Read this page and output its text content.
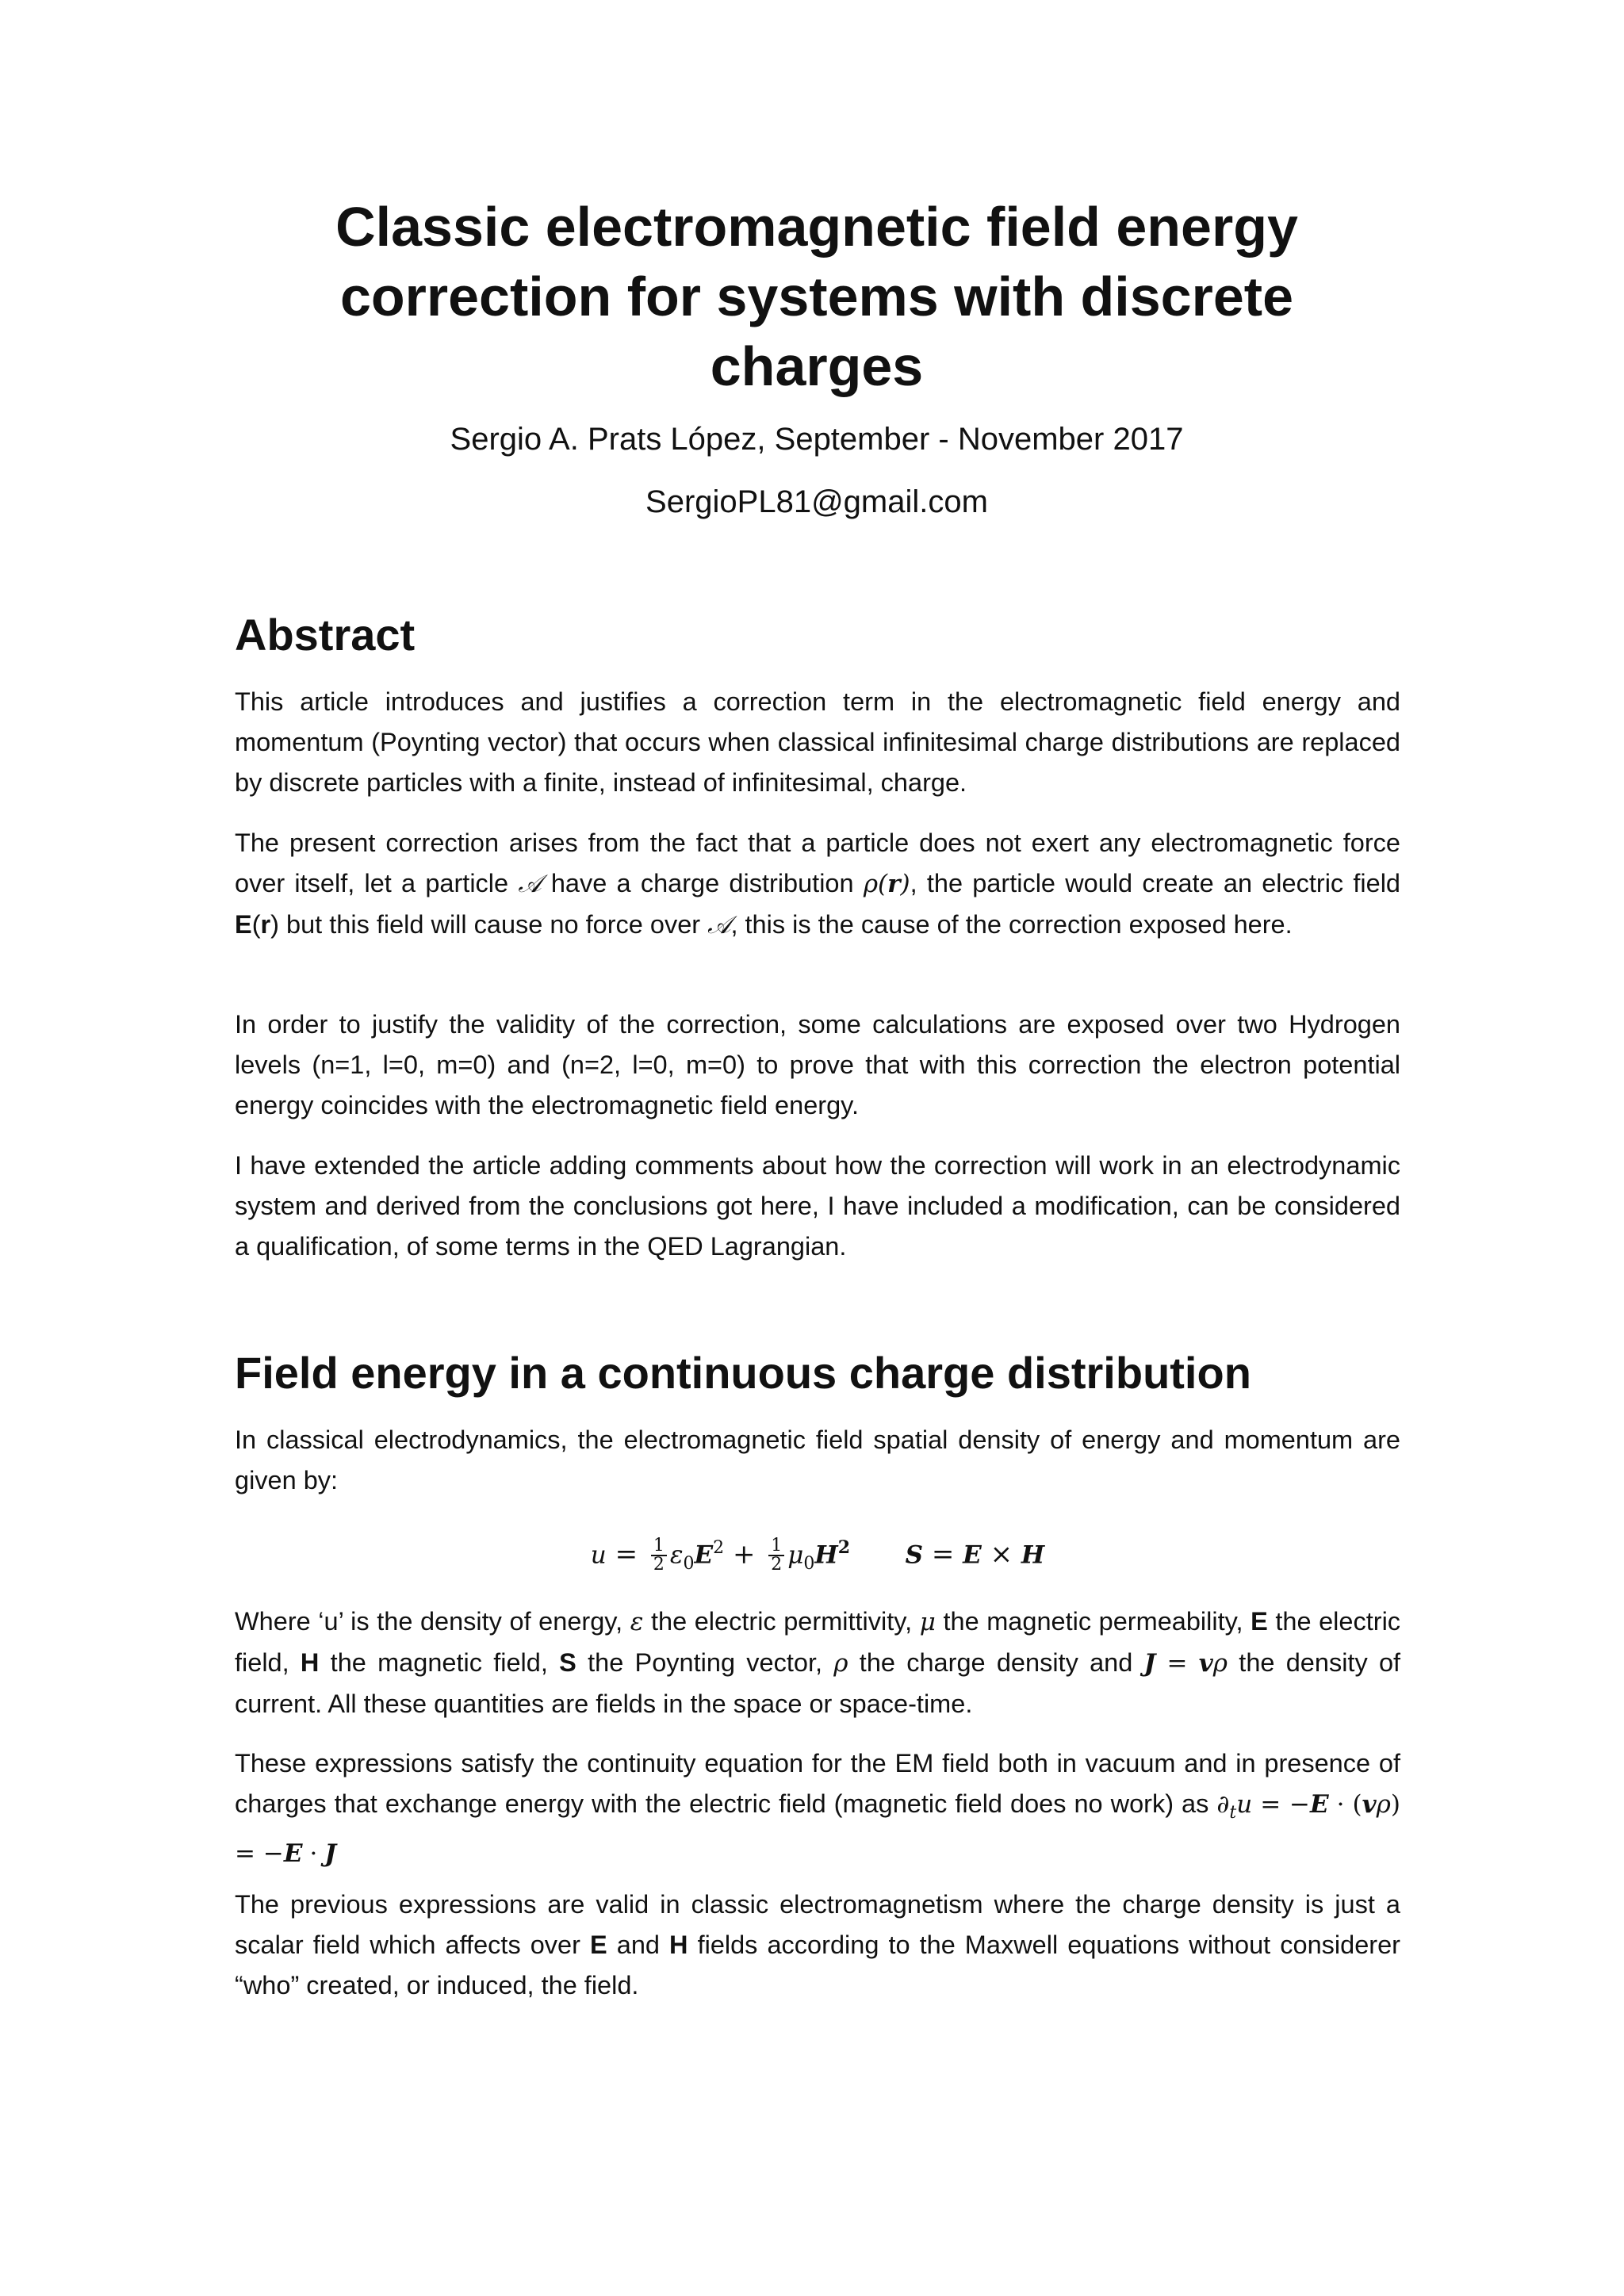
Classic electromagnetic field energy correction for systems with discrete charges
Sergio A. Prats López, September - November 2017
SergioPL81@gmail.com
Abstract

This article introduces and justifies a correction term in the electromagnetic field energy and momentum (Poynting vector) that occurs when classical infinitesimal charge distributions are replaced by discrete particles with a finite, instead of infinitesimal, charge.

The present correction arises from the fact that a particle does not exert any electromagnetic force over itself, let a particle 𝒜 have a charge distribution ρ(r), the particle would create an electric field E(r) but this field will cause no force over 𝒜, this is the cause of the correction exposed here.

In order to justify the validity of the correction, some calculations are exposed over two Hydrogen levels (n=1, l=0, m=0) and (n=2, l=0, m=0) to prove that with this correction the electron potential energy coincides with the electromagnetic field energy.

I have extended the article adding comments about how the correction will work in an electrodynamic system and derived from the conclusions got here, I have included a modification, can be considered a qualification, of some terms in the QED Lagrangian.

Field energy in a continuous charge distribution

In classical electrodynamics, the electromagnetic field spatial density of energy and momentum are given by:

$u = \frac{1}{2} \varepsilon_0E^2 + \frac{1}{2} \mu_0H^2$ S = E × H

Where ‘u’ is the density of energy, ε the electric permittivity, μ the magnetic permeability, E the electric field, H the magnetic field, S the Poynting vector, ρ the charge density and J = vρ the density of current. All these quantities are fields in the space or space-time.

These expressions satisfy the continuity equation for the EM field both in vacuum and in presence of charges that exchange energy with the electric field (magnetic field does no work) as $\partial_tu = -E \cdot (v\rho) = -E \cdot J$

The previous expressions are valid in classic electromagnetism where the charge density is just a scalar field which affects over E and H fields according to the Maxwell equations without considerer “who” created, or induced, the field.
